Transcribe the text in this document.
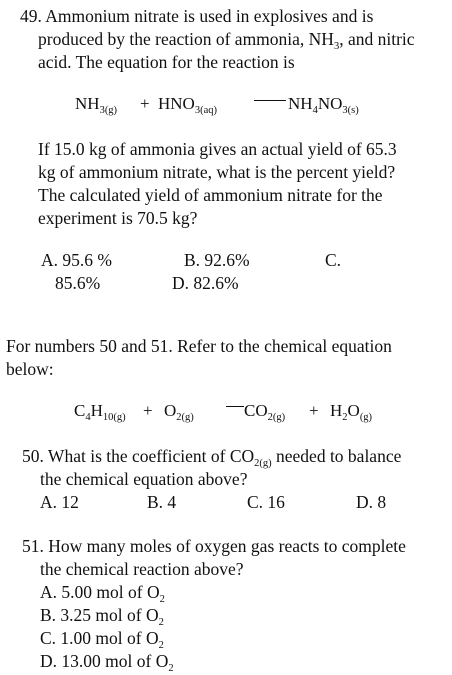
49. Ammonium nitrate is used in explosives and is
produced by the reaction of ammonia, $NH_3$, and nitric
acid. The equation for the reaction is
$NH_{3(g)} + HNO_{3(aq)}$	$NH_4NO_{3(s)}$
If 15.0 kg of ammonia gives an actual yield of 65.3
kg of ammonium nitrate, what is the percent yield?
The calculated yield of ammonium nitrate for the
experiment is 70.5 kg?
A. 95.6 %	B. 92.6%	C.
85.6%	D. 82.6%
For numbers 50 and 51. Refer to the chemical equation
below:
$C_4H_{10(g)} + O_{2(g)}$	$CO_{2(g)} + H_2O_{(g)}$
50. What is the coefficient of $CO_{2(g)}$ needed to balance
the chemical equation above?
A. 12	B. 4	C. 16	D. 8
51. How many moles of oxygen gas reacts to complete
the chemical reaction above?
A. 5.00 mol of $O_2$
B. 3.25 mol of $O_2$
C. 1.00 mol of $O_2$
D. 13.00 mol of $O_2$
